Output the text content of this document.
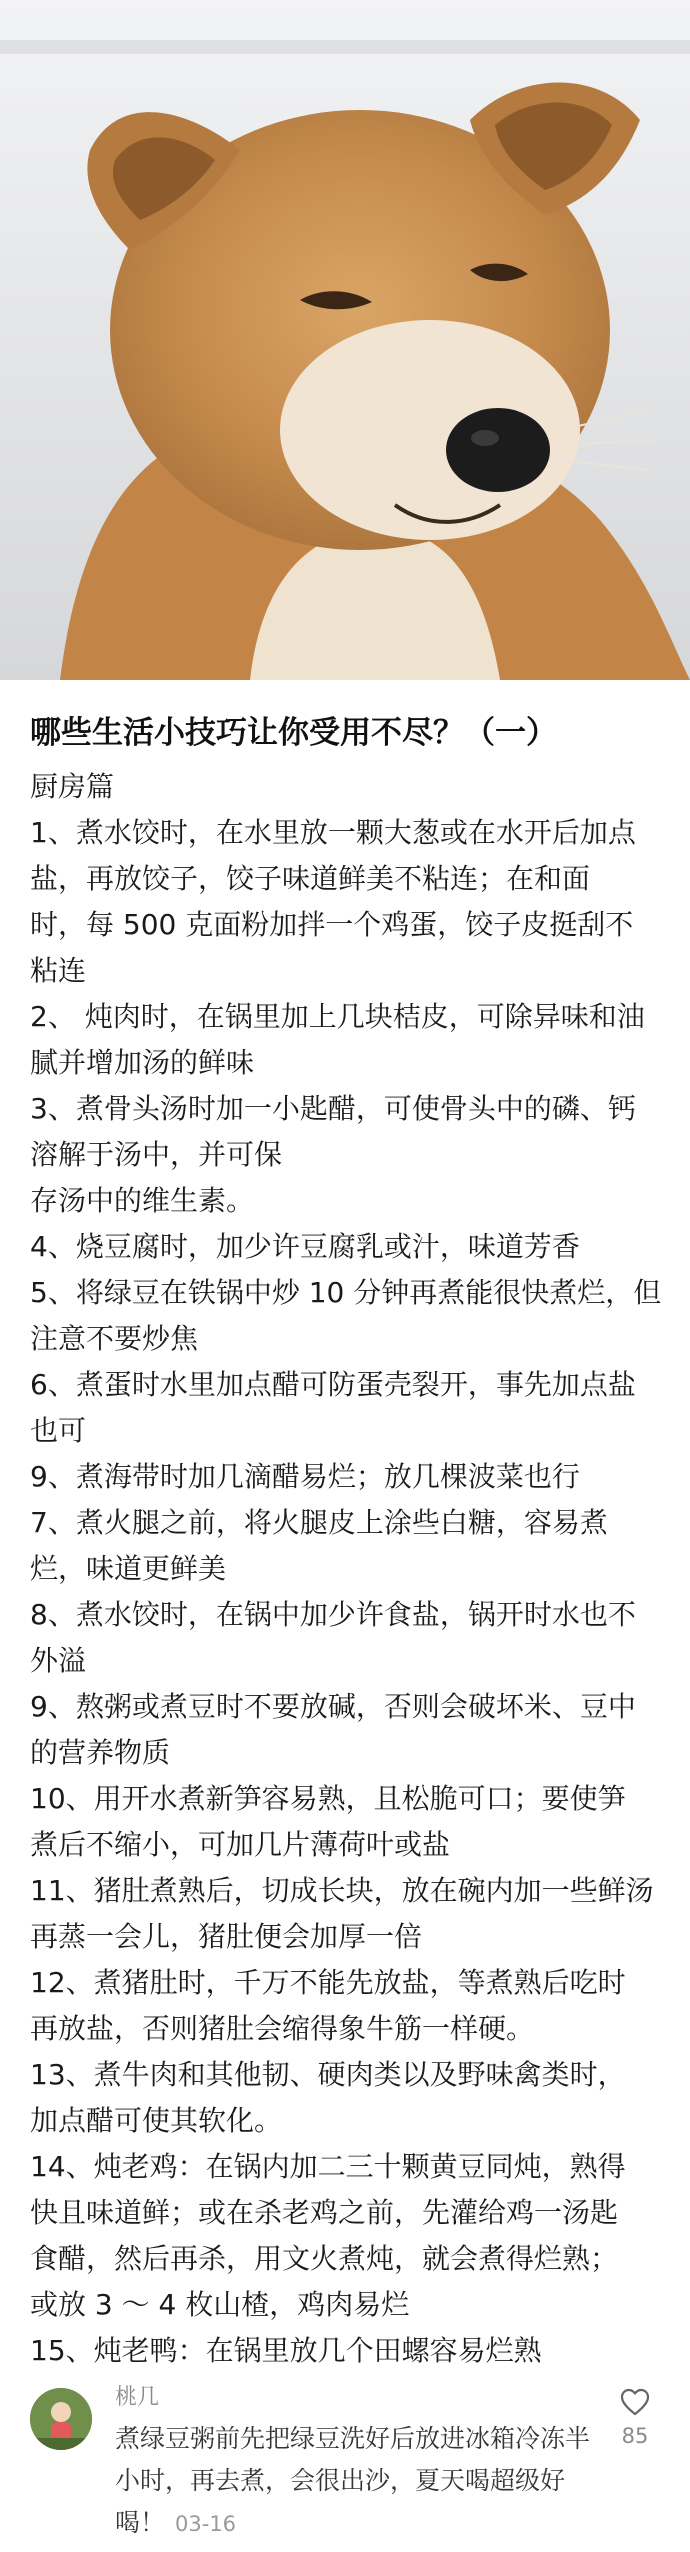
哪些生活小技巧让你受用不尽？（一）
厨房篇
1、煮水饺时，在水里放一颗大葱或在水开后加点
盐，再放饺子，饺子味道鲜美不粘连；在和面
时，每 500 克面粉加拌一个鸡蛋，饺子皮挺刮不
粘连
2、 炖肉时，在锅里加上几块桔皮，可除异味和油
腻并增加汤的鲜味
3、煮骨头汤时加一小匙醋，可使骨头中的磷、钙
溶解于汤中，并可保
存汤中的维生素。
4、烧豆腐时，加少许豆腐乳或汁，味道芳香
5、将绿豆在铁锅中炒 10 分钟再煮能很快煮烂，但
注意不要炒焦
6、煮蛋时水里加点醋可防蛋壳裂开，事先加点盐
也可
9、煮海带时加几滴醋易烂；放几棵波菜也行
7、煮火腿之前，将火腿皮上涂些白糖，容易煮
烂，味道更鲜美
8、煮水饺时，在锅中加少许食盐，锅开时水也不
外溢
9、熬粥或煮豆时不要放碱，否则会破坏米、豆中
的营养物质
10、用开水煮新笋容易熟，且松脆可口；要使笋
煮后不缩小，可加几片薄荷叶或盐
11、猪肚煮熟后，切成长块，放在碗内加一些鲜汤
再蒸一会儿，猪肚便会加厚一倍
12、煮猪肚时，千万不能先放盐，等煮熟后吃时
再放盐，否则猪肚会缩得象牛筋一样硬。
13、煮牛肉和其他韧、硬肉类以及野味禽类时，
加点醋可使其软化。
14、炖老鸡：在锅内加二三十颗黄豆同炖，熟得
快且味道鲜；或在杀老鸡之前，先灌给鸡一汤匙
食醋，然后再杀，用文火煮炖，就会煮得烂熟；
或放 3 ～ 4 枚山楂，鸡肉易烂
15、炖老鸭：在锅里放几个田螺容易烂熟
桃几
煮绿豆粥前先把绿豆洗好后放进冰箱冷冻半小时，再去煮，会很出沙，夏天喝超级好喝！ 03-16
85
